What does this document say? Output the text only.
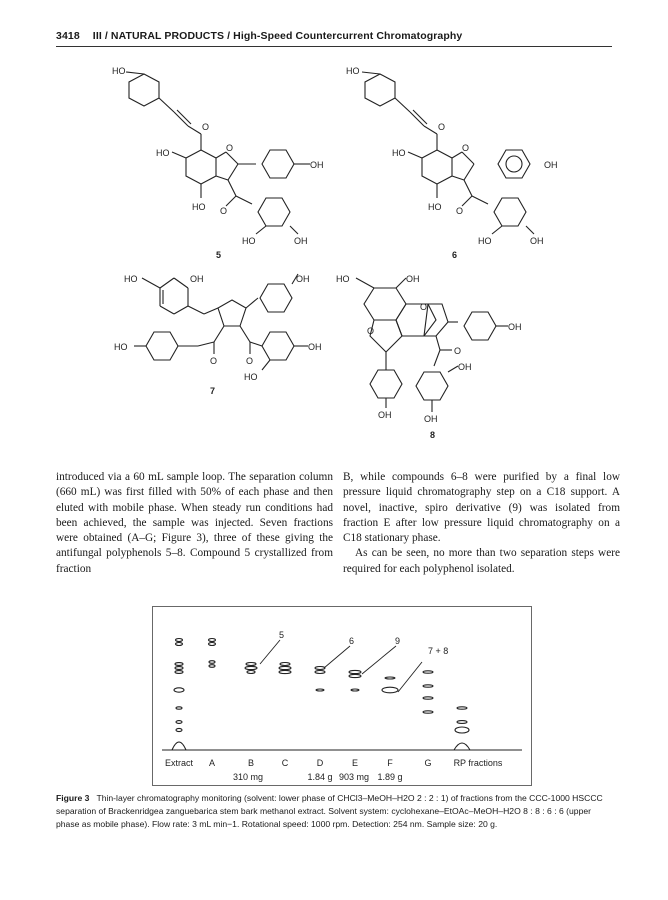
3418 III / NATURAL PRODUCTS / High-Speed Countercurrent Chromatography
HO
O
HO	O
OH
HO O
HO	OH
5
HO
O
HO	O
OH
HO O
HO	OH
6
HO	OH	OH
HO
O	O
OH
HO
7
HO	OH
O
O	OH
O
OH
OH	OH
8

introduced via a 60 mL sample loop. The separation column (660 mL) was first filled with 50% of each phase and then eluted with mobile phase. When steady run conditions had been achieved, the sample was injected. Seven fractions were obtained (A–G; Figure 3), three of these giving the antifungal polyphenols 5–8. Compound 5 crystallized from fraction

B, while compounds 6–8 were purified by a final low pressure liquid chromatography step on a C18 support. A novel, inactive, spiro derivative (9) was isolated from fraction E after low pressure liquid chromatography on a C18 stationary phase.

As can be seen, no more than two separation steps were required for each polyphenol isolated.

5
6	9
7 + 8
Extract A	B	C	D	E	F	G RP fractions
310 mg	1.84 g 903 mg 1.89 g
Figure 3 Thin-layer chromatography monitoring (solvent: lower phase of CHCl3–MeOH–H2O 2 : 2 : 1) of fractions from the CCC-1000 HSCCC separation of Brackenridgea zanguebarica stem bark methanol extract. Solvent system: cyclohexane–EtOAc–MeOH–H2O 8 : 8 : 6 : 6 (upper phase as mobile phase). Flow rate: 3 mL min−1. Rotational speed: 1000 rpm. Detection: 254 nm. Sample size: 20 g.
